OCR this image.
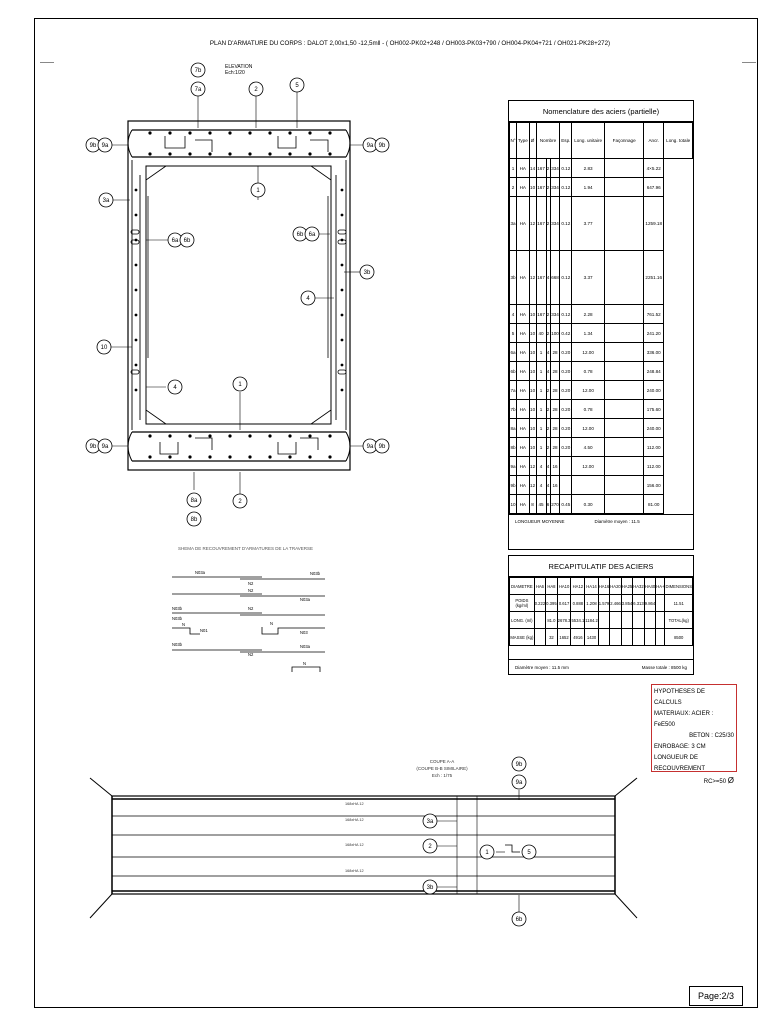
PLAN D'ARMATURE DU CORPS : DALOT 2,00x1,50 -12,5mll - ( OH002-PK02+248 / OH003-PK03+790 / OH004-PK04+721 / OH021-PK28+272)
ELEVATION
Ech:1/20
7b
7a	2
5
9b 9a	9a 9b
1
3a
6a 6b
6b 6a
3b
4
10
1
4
9b 9a	9a 9b
8a
8b
2
N03a
N2
N03b
N2
N03a
N03b	N2
N03b
N
N01
N
N03
N03b
N2
N03a
N
9b
9a
3a
2
1	5
3b
6b
168xHA 12
168xHA 12
168xHA 12
168xHA 12
SHEMA DE RECOUVREMENT D'ARMATURES DE LA TRAVERSE
COUPE A-A
(COUPE B-B SIMILAIRE)
Ech : 1/75
Nomenclature des aciers (partielle)
N°	Type	Ø	Nombre			Esp.	Long. unitaire	Façonnage	Ancr.	Long. totale
1	HA	14	167	2	334	0.12	2.83		4×5.22	
2	HA	10	167	2	334	0.12	1.94		647.96	
3a	HA	12	167	2	334	0.12	3.77		1259.18	
3b	HA	12	167	4	668	0.12	3.37		2251.16	
4	HA	10	167	2	334	0.12	2.28		761.52	
5	HA	10	40	2	100	0.42	1.34		241.20	
6a	HA	10	1	4	28	0.20	12.00		336.00	
6b	HA	10	1	4	28	0.20	0.78		248.84	
7a	HA	10	1	2	28	0.20	12.00		240.00	
7b	HA	10	1	2	28	0.20	0.78		175.60	
8a	HA	10	1	2	28	0.20	12.00		240.00	
8b	HA	10	1	2	28	0.20	4.50		112.00	
9a	HA	12	4	4	16		12.00		112.00	
9b	HA	12	4	4	16				156.00	
10	HA	8	45	6	270	0.45	0.30		81.00	
LONGUEUR MOYENNE	Diamètre moyen : 11.5
RECAPITULATIF DES ACIERS
DIAMETRE	HA6	HA8	HA10	HA12	HA14	HA16	HA20	HA25	HA32	HA40	HA+	DIMENSIONS
POIDS (kg/ml)	0.222	0.395	0.617	0.888	1.208	1.579	2.466	3.854	6.313	9.864		11.51
LONG. (ml)		81.0	2678.3	5534.1	1184.2							TOTAL(kg)
MASSE (kg)		32	1652	4916	1430							8500
Diamètre moyen : 11.5 mm	Masse totale : 8500 kg
HYPOTHESES DE CALCULS
MATERIAUX: ACIER : FeE500
BETON : C25/30
ENROBAGE: 3 CM
LONGUEUR DE RECOUVREMENT
RC>=50 Ø
Page:2/3
